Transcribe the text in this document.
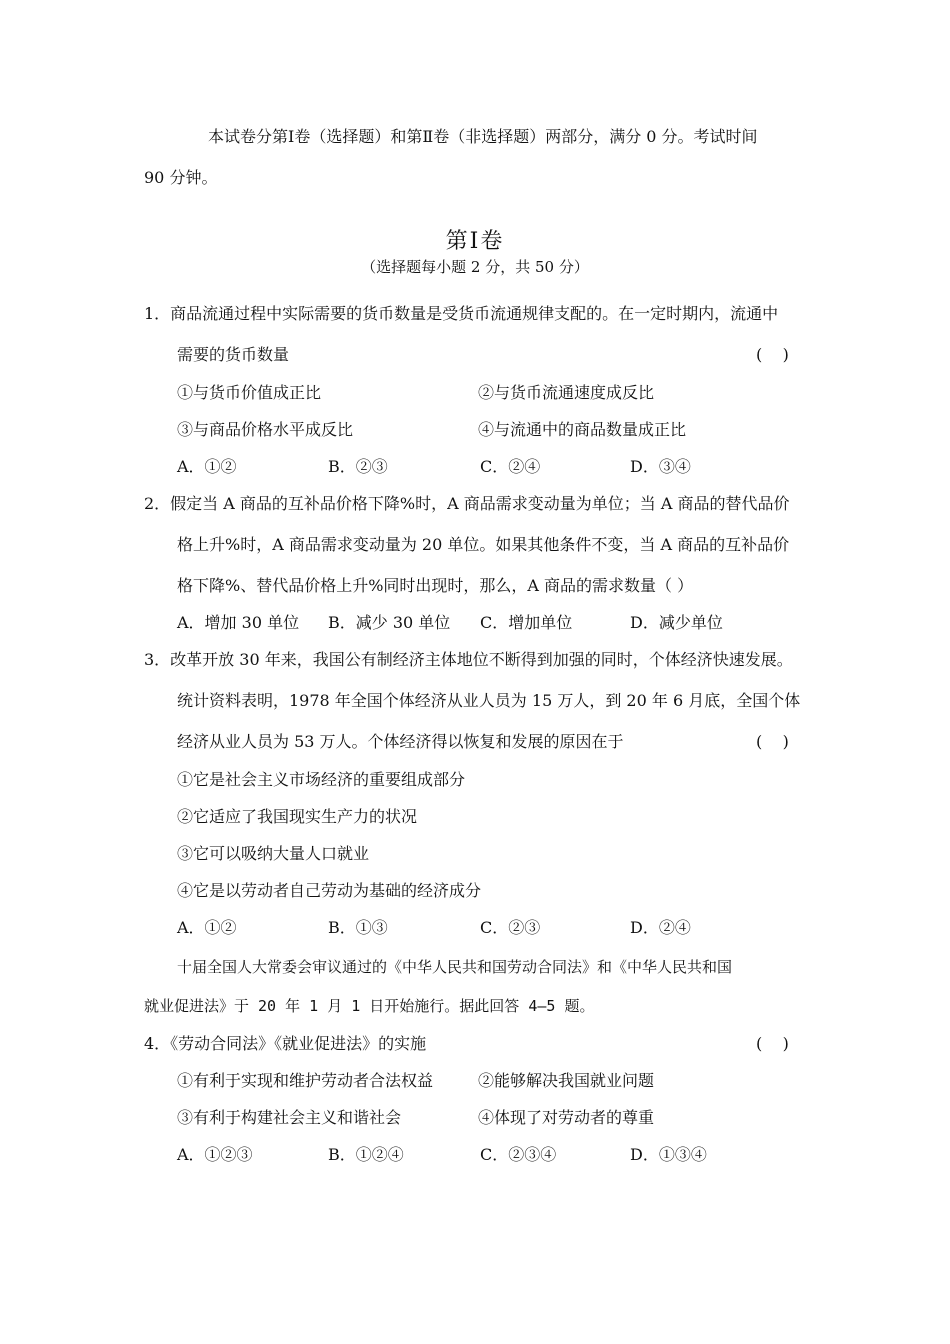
本试卷分第Ⅰ卷（选择题）和第Ⅱ卷（非选择题）两部分，满分 0 分。考试时间
90 分钟。
第Ⅰ卷
（选择题每小题 2 分，共 50 分）
1．商品流通过程中实际需要的货币数量是受货币流通规律支配的。在一定时期内，流通中
需要的货币数量	(    )
①与货币价值成正比	②与货币流通速度成反比
③与商品价格水平成反比	④与流通中的商品数量成正比
A．①②	B．②③	C．②④	D．③④
2．假定当 A 商品的互补品价格下降%时，A 商品需求变动量为单位；当 A 商品的替代品价
格上升%时，A 商品需求变动量为 20 单位。如果其他条件不变，当 A 商品的互补品价
格下降%、替代品价格上升%同时出现时，那么，A 商品的需求数量（ ）
A．增加 30 单位 B．减少 30 单位 C．增加单位	D．减少单位
3．改革开放 30 年来，我国公有制经济主体地位不断得到加强的同时，个体经济快速发展。
统计资料表明，1978 年全国个体经济从业人员为 15 万人，到 20 年 6 月底，全国个体
经济从业人员为 53 万人。个体经济得以恢复和发展的原因在于	(    )
①它是社会主义市场经济的重要组成部分
②它适应了我国现实生产力的状况
③它可以吸纳大量人口就业
④它是以劳动者自己劳动为基础的经济成分
A．①②	B．①③	C．②③	D．②④
十届全国人大常委会审议通过的《中华人民共和国劳动合同法》和《中华人民共和国
就业促进法》于 20 年 1 月 1 日开始施行。据此回答 4—5 题。
4．《劳动合同法》《就业促进法》的实施	(    )
①有利于实现和维护劳动者合法权益	②能够解决我国就业问题
③有利于构建社会主义和谐社会	④体现了对劳动者的尊重
A．①②③	B．①②④	C．②③④	D．①③④
